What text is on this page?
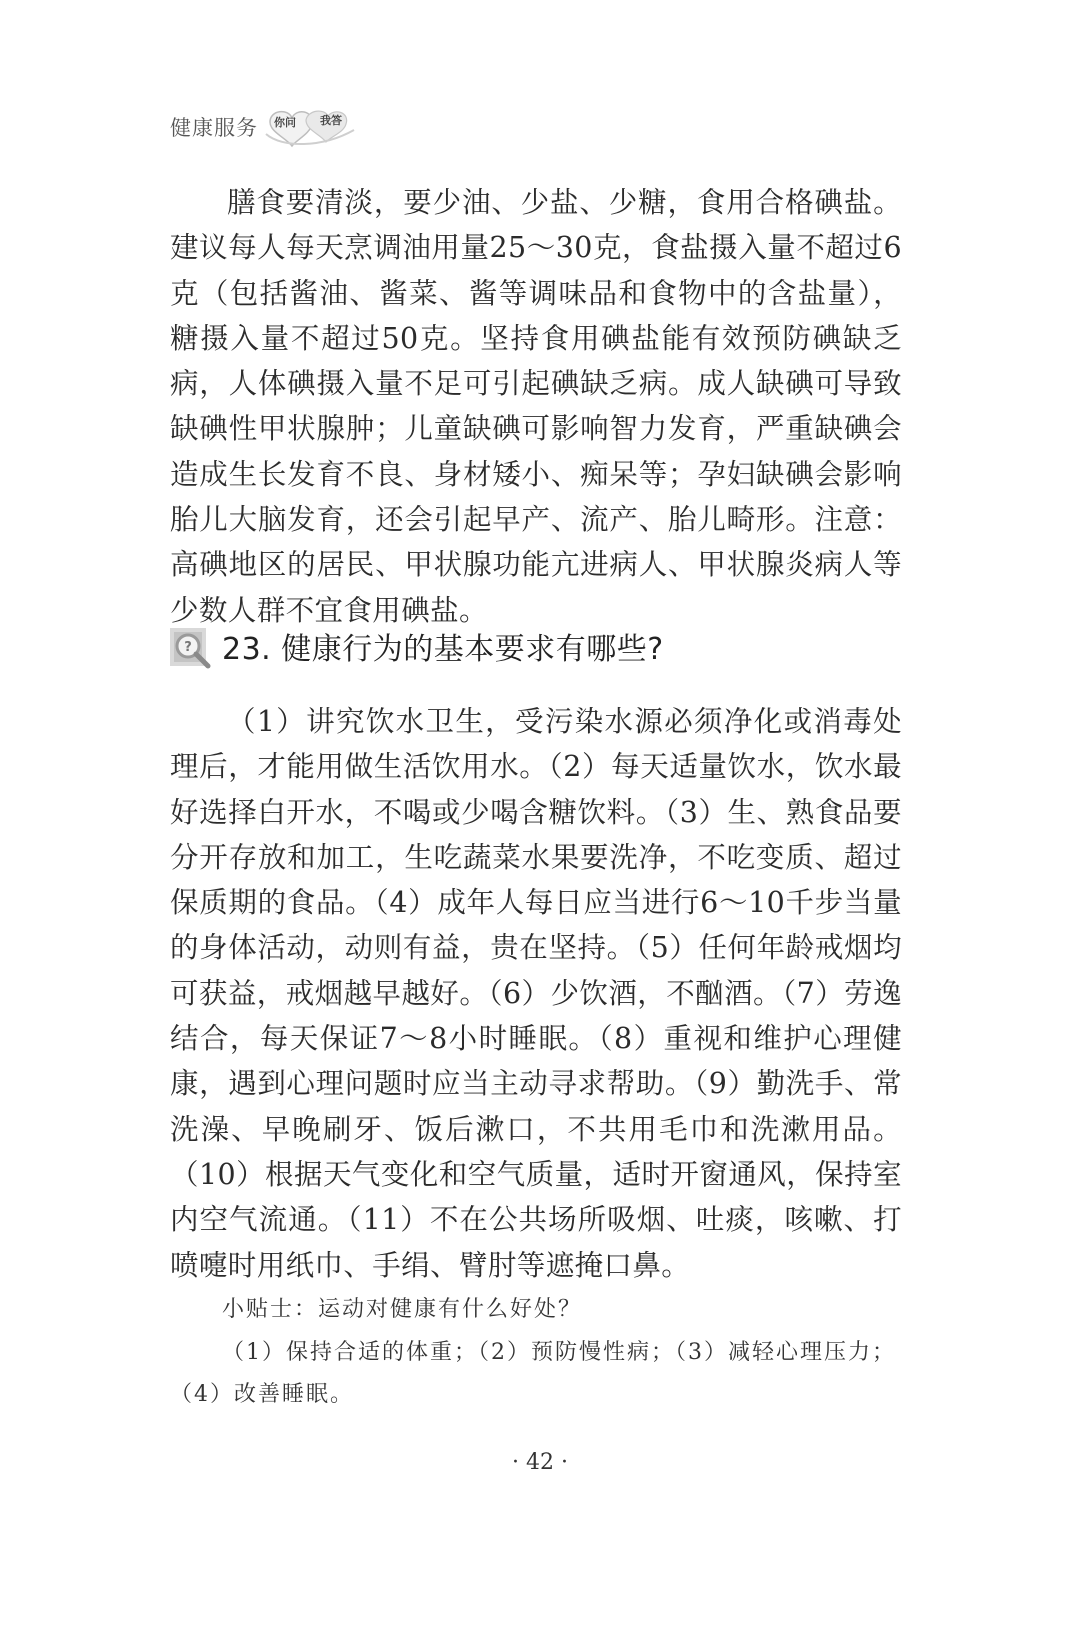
健康服务 你问 我答

膳食要清淡，要少油、少盐、少糖，食用合格碘盐。建议每人每天烹调油用量25～30克，食盐摄入量不超过6克（包括酱油、酱菜、酱等调味品和食物中的含盐量），糖摄入量不超过50克。坚持食用碘盐能有效预防碘缺乏病，人体碘摄入量不足可引起碘缺乏病。成人缺碘可导致缺碘性甲状腺肿；儿童缺碘可影响智力发育，严重缺碘会造成生长发育不良、身材矮小、痴呆等；孕妇缺碘会影响胎儿大脑发育，还会引起早产、流产、胎儿畸形。注意：高碘地区的居民、甲状腺功能亢进病人、甲状腺炎病人等少数人群不宜食用碘盐。

? 23. 健康行为的基本要求有哪些?

（1）讲究饮水卫生，受污染水源必须净化或消毒处理后，才能用做生活饮用水。（2）每天适量饮水，饮水最好选择白开水，不喝或少喝含糖饮料。（3）生、熟食品要分开存放和加工，生吃蔬菜水果要洗净，不吃变质、超过保质期的食品。（4）成年人每日应当进行6～10千步当量的身体活动，动则有益，贵在坚持。（5）任何年龄戒烟均可获益，戒烟越早越好。（6）少饮酒，不酗酒。（7）劳逸结合，每天保证7～8小时睡眠。（8）重视和维护心理健康，遇到心理问题时应当主动寻求帮助。（9）勤洗手、常洗澡、早晚刷牙、饭后漱口，不共用毛巾和洗漱用品。（10）根据天气变化和空气质量，适时开窗通风，保持室内空气流通。（11）不在公共场所吸烟、吐痰，咳嗽、打喷嚏时用纸巾、手绢、臂肘等遮掩口鼻。

小贴士：运动对健康有什么好处？

（1）保持合适的体重；（2）预防慢性病；（3）减轻心理压力；（4）改善睡眠。

· 42 ·
